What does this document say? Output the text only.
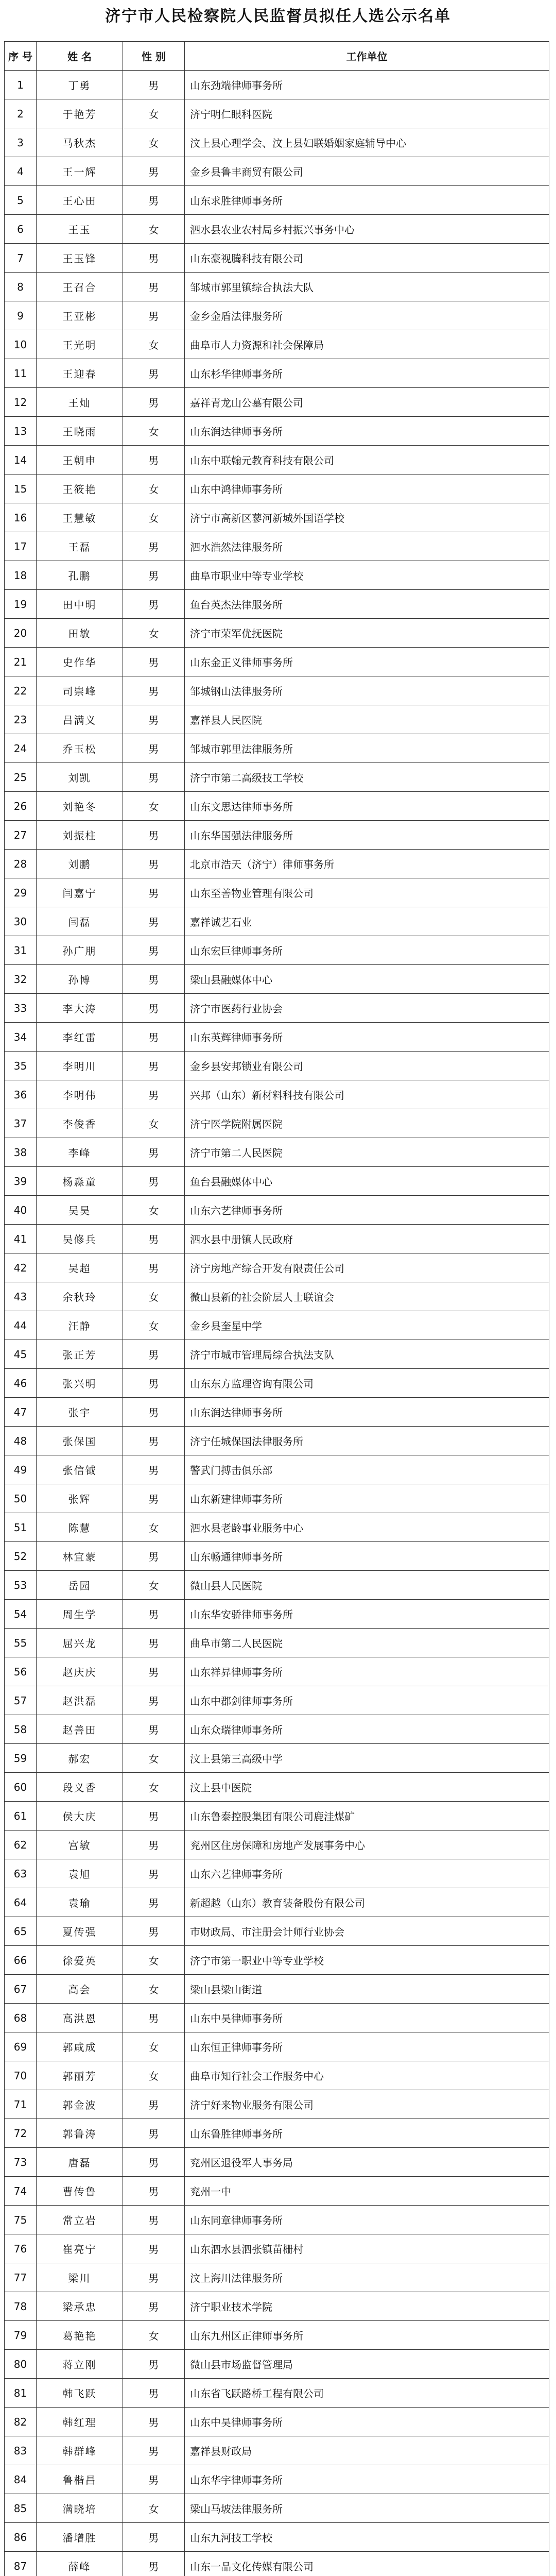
济宁市人民检察院人民监督员拟任人选公示名单
序 号	姓 名	性 别	工作单位
1	丁勇	男	山东劲端律师事务所
2	于艳芳	女	济宁明仁眼科医院
3	马秋杰	女	汶上县心理学会、汶上县妇联婚姻家庭辅导中心
4	王一辉	男	金乡县鲁丰商贸有限公司
5	王心田	男	山东求胜律师事务所
6	王玉	女	泗水县农业农村局乡村振兴事务中心
7	王玉锋	男	山东豪视腾科技有限公司
8	王召合	男	邹城市郭里镇综合执法大队
9	王亚彬	男	金乡金盾法律服务所
10	王光明	女	曲阜市人力资源和社会保障局
11	王迎春	男	山东杉华律师事务所
12	王灿	男	嘉祥青龙山公墓有限公司
13	王晓雨	女	山东润达律师事务所
14	王朝申	男	山东中联翰元教育科技有限公司
15	王筱艳	女	山东中鸿律师事务所
16	王慧敏	女	济宁市高新区蓼河新城外国语学校
17	王磊	男	泗水浩然法律服务所
18	孔鹏	男	曲阜市职业中等专业学校
19	田中明	男	鱼台英杰法律服务所
20	田敏	女	济宁市荣军优抚医院
21	史作华	男	山东金正义律师事务所
22	司崇峰	男	邹城钢山法律服务所
23	吕满义	男	嘉祥县人民医院
24	乔玉松	男	邹城市郭里法律服务所
25	刘凯	男	济宁市第二高级技工学校
26	刘艳冬	女	山东文思达律师事务所
27	刘振柱	男	山东华国强法律服务所
28	刘鹏	男	北京市浩天（济宁）律师事务所
29	闫嘉宁	男	山东至善物业管理有限公司
30	闫磊	男	嘉祥诚艺石业
31	孙广朋	男	山东宏巨律师事务所
32	孙博	男	梁山县融媒体中心
33	李大涛	男	济宁市医药行业协会
34	李红雷	男	山东英辉律师事务所
35	李明川	男	金乡县安邦锁业有限公司
36	李明伟	男	兴邦（山东）新材料科技有限公司
37	李俊香	女	济宁医学院附属医院
38	李峰	男	济宁市第二人民医院
39	杨淼童	男	鱼台县融媒体中心
40	吴昊	女	山东六艺律师事务所
41	吴修兵	男	泗水县中册镇人民政府
42	吴超	男	济宁房地产综合开发有限责任公司
43	余秋玲	女	微山县新的社会阶层人士联谊会
44	汪静	女	金乡县奎星中学
45	张正芳	男	济宁市城市管理局综合执法支队
46	张兴明	男	山东东方监理咨询有限公司
47	张宇	男	山东润达律师事务所
48	张保国	男	济宁任城保国法律服务所
49	张信钺	男	警武门搏击俱乐部
50	张辉	男	山东新建律师事务所
51	陈慧	女	泗水县老龄事业服务中心
52	林宜蒙	男	山东畅通律师事务所
53	岳园	女	微山县人民医院
54	周生学	男	山东华安骄律师事务所
55	屈兴龙	男	曲阜市第二人民医院
56	赵庆庆	男	山东祥昇律师事务所
57	赵洪磊	男	山东中郡剑律师事务所
58	赵善田	男	山东众瑞律师事务所
59	郝宏	女	汶上县第三高级中学
60	段义香	女	汶上县中医院
61	侯大庆	男	山东鲁泰控股集团有限公司鹿洼煤矿
62	宫敏	男	兖州区住房保障和房地产发展事务中心
63	袁旭	男	山东六艺律师事务所
64	袁瑜	男	新超越（山东）教育装备股份有限公司
65	夏传强	男	市财政局、市注册会计师行业协会
66	徐爱英	女	济宁市第一职业中等专业学校
67	高会	女	梁山县梁山街道
68	高洪恩	男	山东中昊律师事务所
69	郭咸成	女	山东恒正律师事务所
70	郭丽芳	女	曲阜市知行社会工作服务中心
71	郭金波	男	济宁好来物业服务有限公司
72	郭鲁涛	男	山东鲁胜律师事务所
73	唐磊	男	兖州区退役军人事务局
74	曹传鲁	男	兖州一中
75	常立岩	男	山东同章律师事务所
76	崔亮宁	男	山东泗水县泗张镇苗栅村
77	梁川	男	汶上海川法律服务所
78	梁承忠	男	济宁职业技术学院
79	葛艳艳	女	山东九州区正律师事务所
80	蒋立刚	男	微山县市场监督管理局
81	韩飞跃	男	山东省飞跃路桥工程有限公司
82	韩红理	男	山东中昊律师事务所
83	韩群峰	男	嘉祥县财政局
84	鲁楷昌	男	山东华宇律师事务所
85	满晓培	女	梁山马坡法律服务所
86	潘增胜	男	山东九河技工学校
87	薛峰	男	山东一品文化传媒有限公司
